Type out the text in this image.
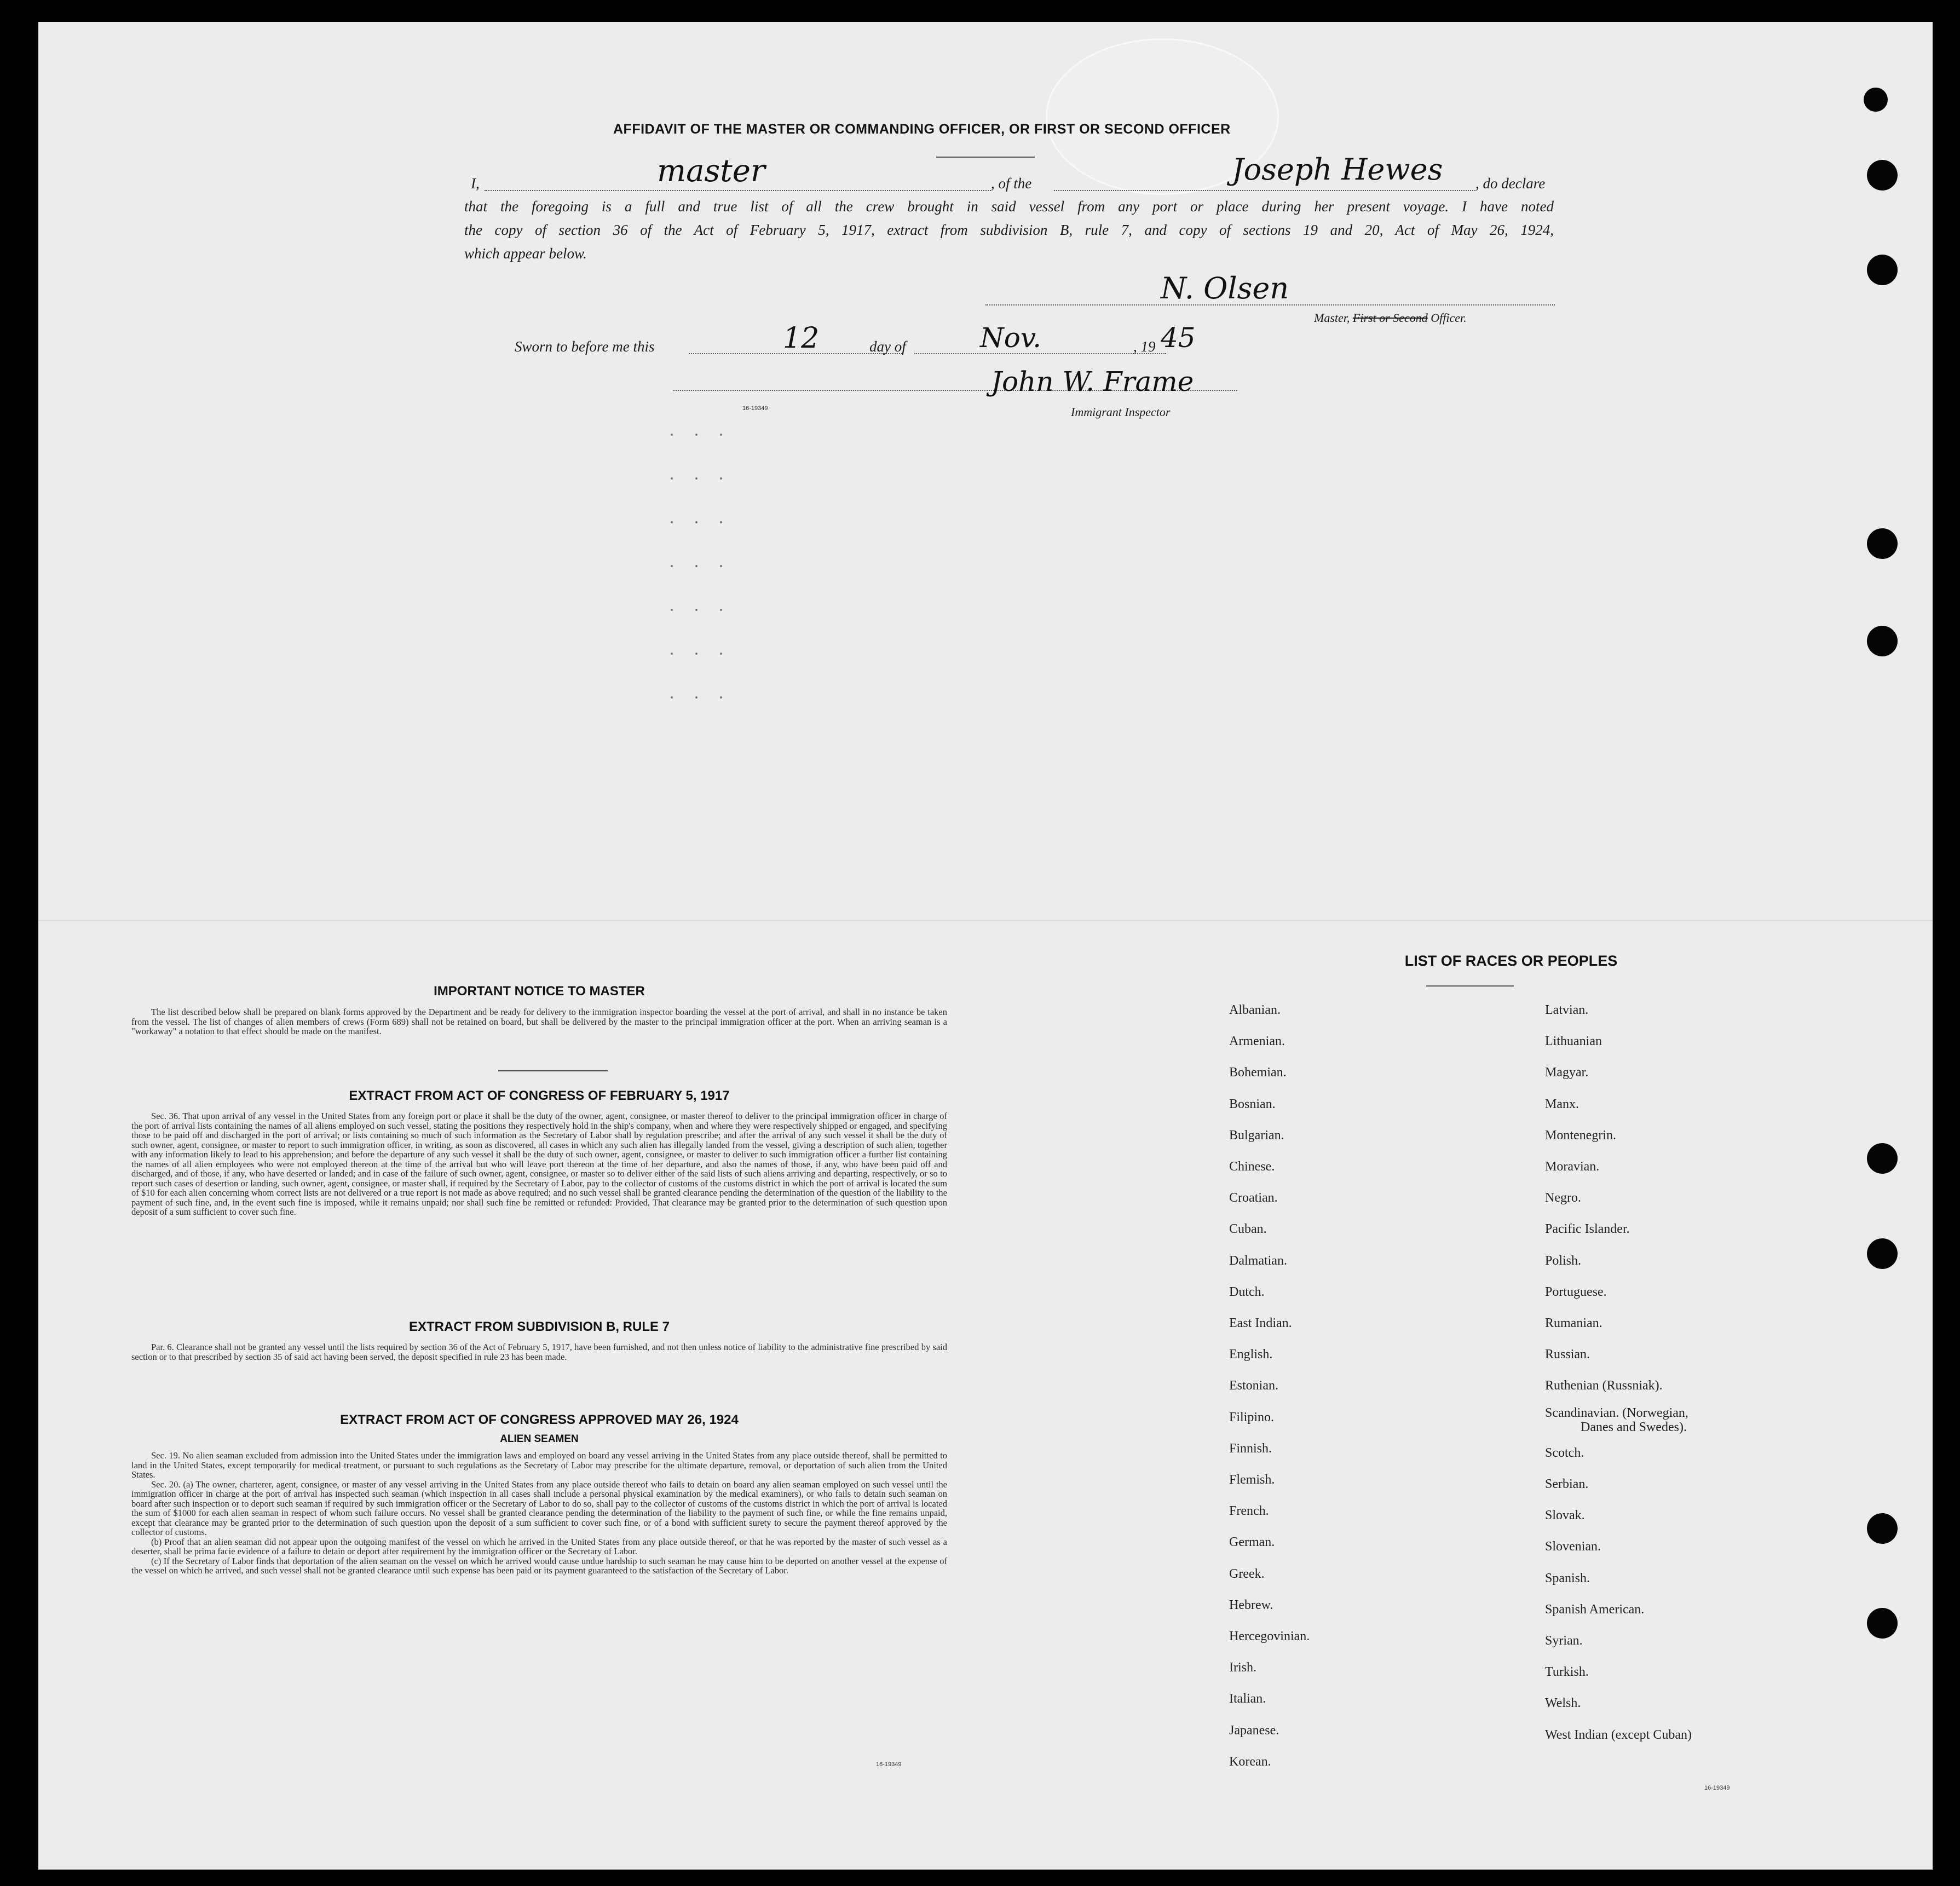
AFFIDAVIT OF THE MASTER OR COMMANDING OFFICER, OR FIRST OR SECOND OFFICER
I,	master	, of the	Joseph Hewes , do declare
that the foregoing is a full and true list of all the crew brought in said vessel from any port or place during her present voyage. I have noted
the copy of section 36 of the Act of February 5, 1917, extract from subdivision B, rule 7, and copy of sections 19 and 20, Act of May 26, 1924,
which appear below.
N. Olsen
Master, First or Second Officer.
Sworn to before me this	12	day of	Nov.	, 19 45
John W. Frame
16-19349	Immigrant Inspector
IMPORTANT NOTICE TO MASTER

The list described below shall be prepared on blank forms approved by the Department and be ready for delivery to the immigration inspector boarding the vessel at the port of arrival, and shall in no instance be taken from the vessel. The list of changes of alien members of crews (Form 689) shall not be retained on board, but shall be delivered by the master to the principal immigration officer at the port. When an arriving seaman is a "workaway" a notation to that effect should be made on the manifest.

EXTRACT FROM ACT OF CONGRESS OF FEBRUARY 5, 1917

Sec. 36. That upon arrival of any vessel in the United States from any foreign port or place it shall be the duty of the owner, agent, consignee, or master thereof to deliver to the principal immigration officer in charge of the port of arrival lists containing the names of all aliens employed on such vessel, stating the positions they respectively hold in the ship's company, when and where they were respectively shipped or engaged, and specifying those to be paid off and discharged in the port of arrival; or lists containing so much of such information as the Secretary of Labor shall by regulation prescribe; and after the arrival of any such vessel it shall be the duty of such owner, agent, consignee, or master to report to such immigration officer, in writing, as soon as discovered, all cases in which any such alien has illegally landed from the vessel, giving a description of such alien, together with any information likely to lead to his apprehension; and before the departure of any such vessel it shall be the duty of such owner, agent, consignee, or master to deliver to such immigration officer a further list containing the names of all alien employees who were not employed thereon at the time of the arrival but who will leave port thereon at the time of her departure, and also the names of those, if any, who have been paid off and discharged, and of those, if any, who have deserted or landed; and in case of the failure of such owner, agent, consignee, or master so to deliver either of the said lists of such aliens arriving and departing, respectively, or so to report such cases of desertion or landing, such owner, agent, consignee, or master shall, if required by the Secretary of Labor, pay to the collector of customs of the customs district in which the port of arrival is located the sum of $10 for each alien concerning whom correct lists are not delivered or a true report is not made as above required; and no such vessel shall be granted clearance pending the determination of the question of the liability to the payment of such fine, and, in the event such fine is imposed, while it remains unpaid; nor shall such fine be remitted or refunded: Provided, That clearance may be granted prior to the determination of such question upon deposit of a sum sufficient to cover such fine.

EXTRACT FROM SUBDIVISION B, RULE 7

Par. 6. Clearance shall not be granted any vessel until the lists required by section 36 of the Act of February 5, 1917, have been furnished, and not then unless notice of liability to the administrative fine prescribed by said section or to that prescribed by section 35 of said act having been served, the deposit specified in rule 23 has been made.

EXTRACT FROM ACT OF CONGRESS APPROVED MAY 26, 1924
ALIEN SEAMEN

Sec. 19. No alien seaman excluded from admission into the United States under the immigration laws and employed on board any vessel arriving in the United States from any place outside thereof, shall be permitted to land in the United States, except temporarily for medical treatment, or pursuant to such regulations as the Secretary of Labor may prescribe for the ultimate departure, removal, or deportation of such alien from the United States.

Sec. 20. (a) The owner, charterer, agent, consignee, or master of any vessel arriving in the United States from any place outside thereof who fails to detain on board any alien seaman employed on such vessel until the immigration officer in charge at the port of arrival has inspected such seaman (which inspection in all cases shall include a personal physical examination by the medical examiners), or who fails to detain such seaman on board after such inspection or to deport such seaman if required by such immigration officer or the Secretary of Labor to do so, shall pay to the collector of customs of the customs district in which the port of arrival is located the sum of $1000 for each alien seaman in respect of whom such failure occurs. No vessel shall be granted clearance pending the determination of the liability to the payment of such fine, or while the fine remains unpaid, except that clearance may be granted prior to the determination of such question upon the deposit of a sum sufficient to cover such fine, or of a bond with sufficient surety to secure the payment thereof approved by the collector of customs.

(b) Proof that an alien seaman did not appear upon the outgoing manifest of the vessel on which he arrived in the United States from any place outside thereof, or that he was reported by the master of such vessel as a deserter, shall be prima facie evidence of a failure to detain or deport after requirement by the immigration officer or the Secretary of Labor.

(c) If the Secretary of Labor finds that deportation of the alien seaman on the vessel on which he arrived would cause undue hardship to such seaman he may cause him to be deported on another vessel at the expense of the vessel on which he arrived, and such vessel shall not be granted clearance until such expense has been paid or its payment guaranteed to the satisfaction of the Secretary of Labor.

16-19349
LIST OF RACES OR PEOPLES
16-19349
Albanian.
Armenian.
Bohemian.
Bosnian.
Bulgarian.
Chinese.
Croatian.
Cuban.
Dalmatian.
Dutch.
East Indian.
English.
Estonian.
Filipino.
Finnish.
Flemish.
French.
German.
Greek.
Hebrew.
Hercegovinian.
Irish.
Italian.
Japanese.
Korean.
Latvian.
Lithuanian
Magyar.
Manx.
Montenegrin.
Moravian.
Negro.
Pacific Islander.
Polish.
Portuguese.
Rumanian.
Russian.
Ruthenian (Russniak).
Scandinavian. (Norwegian,
Danes and Swedes).
Scotch.
Serbian.
Slovak.
Slovenian.
Spanish.
Spanish American.
Syrian.
Turkish.
Welsh.
West Indian (except Cuban)
